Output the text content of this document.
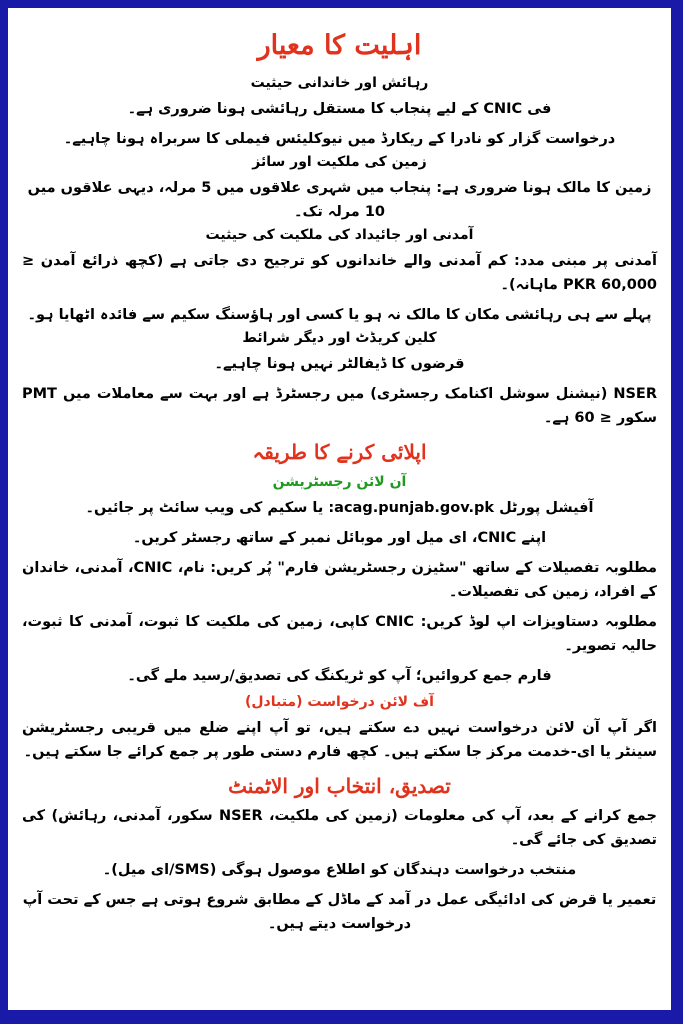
اہلیت کا معیار
رہائش اور خاندانی حیثیت
فی CNIC کے لیے پنجاب کا مستقل رہائشی ہونا ضروری ہے۔
درخواست گزار کو نادرا کے ریکارڈ میں نیوکلیئس فیملی کا سربراہ ہونا چاہیے۔
زمین کی ملکیت اور سائز
زمین کا مالک ہونا ضروری ہے: پنجاب میں شہری علاقوں میں 5 مرلہ، دیہی علاقوں میں 10 مرلہ تک۔
آمدنی اور جائیداد کی ملکیت کی حیثیت
آمدنی پر مبنی مدد: کم آمدنی والے خاندانوں کو ترجیح دی جاتی ہے (کچھ ذرائع آمدن ≤ PKR 60,000 ماہانہ)۔
پہلے سے ہی رہائشی مکان کا مالک نہ ہو یا کسی اور ہاؤسنگ سکیم سے فائدہ اٹھایا ہو۔
کلین کریڈٹ اور دیگر شرائط
قرضوں کا ڈیفالٹر نہیں ہونا چاہیے۔
NSER (نیشنل سوشل اکنامک رجسٹری) میں رجسٹرڈ ہے اور بہت سے معاملات میں PMT سکور ≤ 60 ہے۔
اپلائی کرنے کا طریقہ
آن لائن رجسٹریشن
آفیشل پورٹل acag.punjab.gov.pk: یا سکیم کی ویب سائٹ پر جائیں۔
اپنے CNIC، ای میل اور موبائل نمبر کے ساتھ رجسٹر کریں۔
مطلوبہ تفصیلات کے ساتھ "سٹیزن رجسٹریشن فارم" پُر کریں: نام، CNIC، آمدنی، خاندان کے افراد، زمین کی تفصیلات۔
مطلوبہ دستاویزات اپ لوڈ کریں: CNIC کاپی، زمین کی ملکیت کا ثبوت، آمدنی کا ثبوت، حالیہ تصویر۔
فارم جمع کروائیں؛ آپ کو ٹریکنگ کی تصدیق/رسید ملے گی۔
آف لائن درخواست (متبادل)
اگر آپ آن لائن درخواست نہیں دے سکتے ہیں، تو آپ اپنے ضلع میں قریبی رجسٹریشن سینٹر یا ای-خدمت مرکز جا سکتے ہیں۔ کچھ فارم دستی طور پر جمع کرائے جا سکتے ہیں۔
تصدیق، انتخاب اور الاٹمنٹ
جمع کرانے کے بعد، آپ کی معلومات (زمین کی ملکیت، NSER سکور، آمدنی، رہائش) کی تصدیق کی جائے گی۔
منتخب درخواست دہندگان کو اطلاع موصول ہوگی (SMS/ای میل)۔
تعمیر یا قرض کی ادائیگی عمل در آمد کے ماڈل کے مطابق شروع ہوتی ہے جس کے تحت آپ درخواست دیتے ہیں۔
